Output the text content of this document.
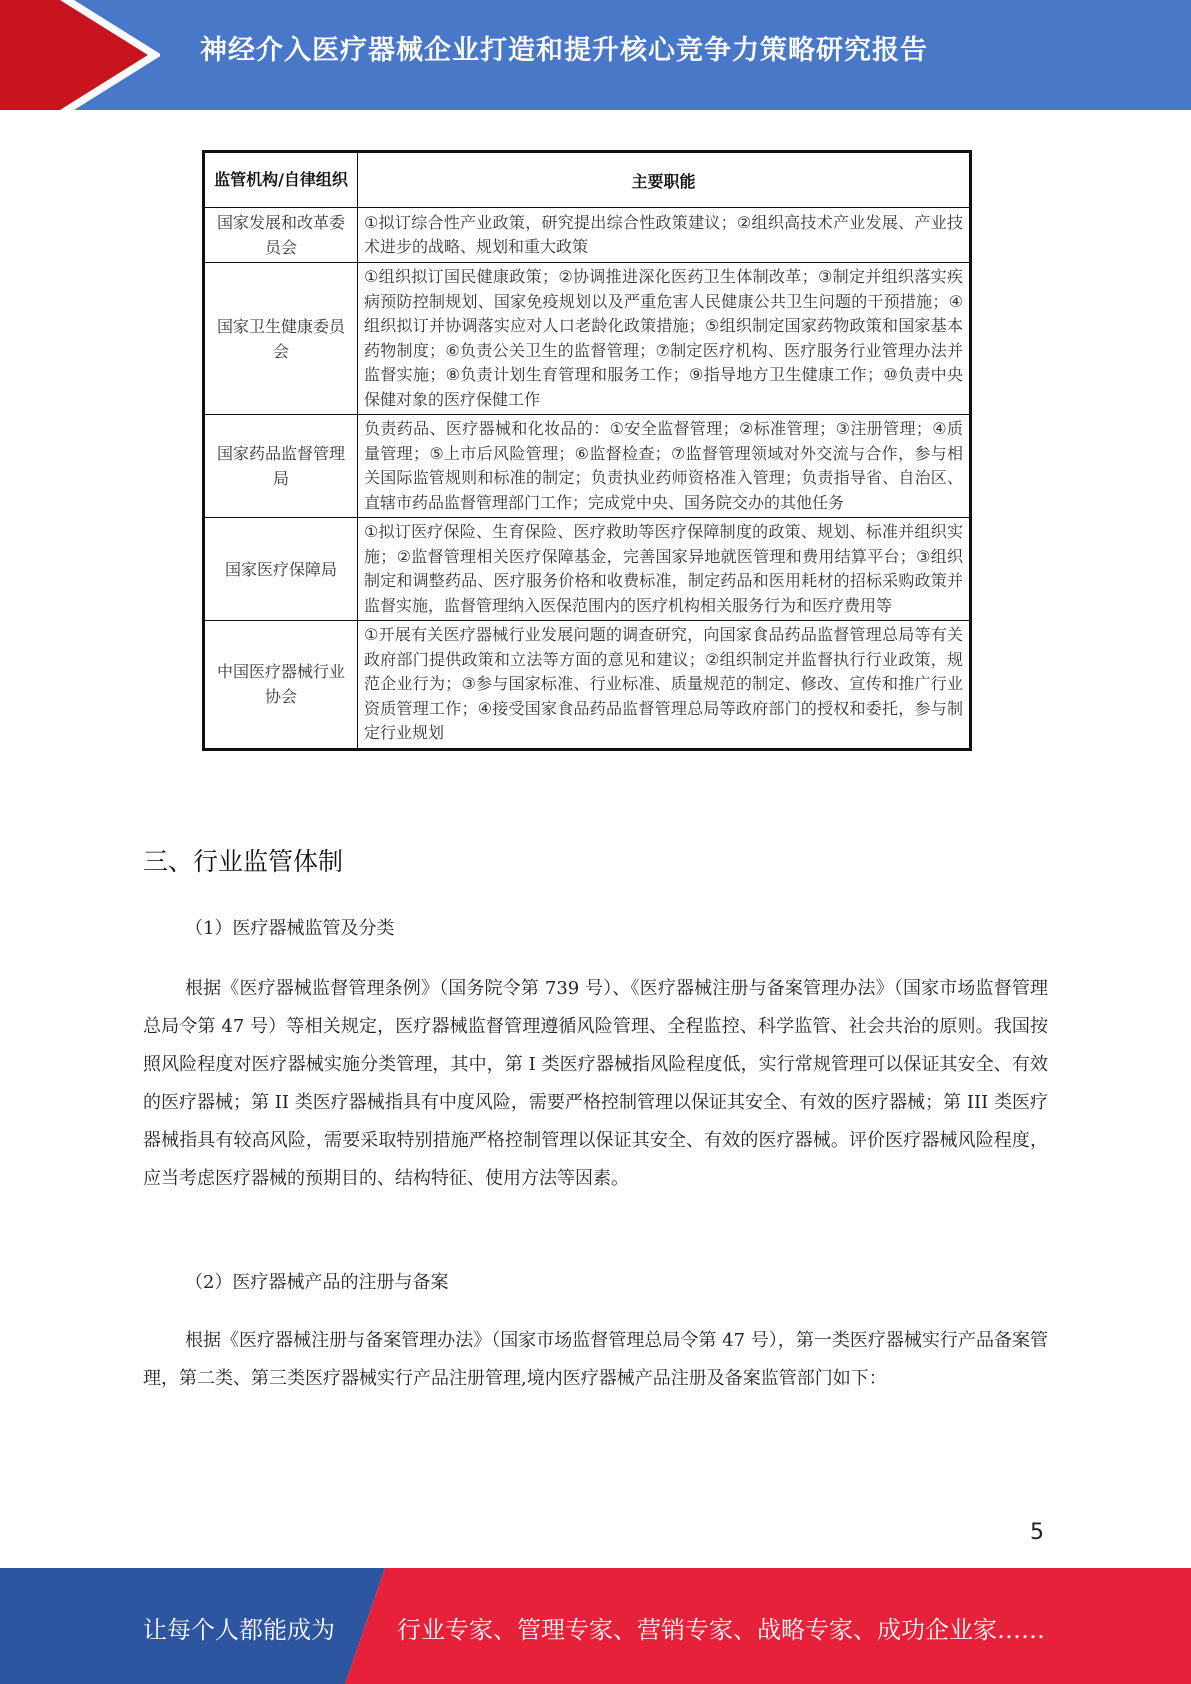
神经介入医疗器械企业打造和提升核心竞争力策略研究报告
监管机构/自律组织	主要职能
国家发展和改革委员会	①拟订综合性产业政策，研究提出综合性政策建议；②组织高技术产业发展、产业技术进步的战略、规划和重大政策
国家卫生健康委员会	①组织拟订国民健康政策；②协调推进深化医药卫生体制改革；③制定并组织落实疾病预防控制规划、国家免疫规划以及严重危害人民健康公共卫生问题的干预措施；④组织拟订并协调落实应对人口老龄化政策措施；⑤组织制定国家药物政策和国家基本药物制度；⑥负责公关卫生的监督管理；⑦制定医疗机构、医疗服务行业管理办法并监督实施；⑧负责计划生育管理和服务工作；⑨指导地方卫生健康工作；⑩负责中央保健对象的医疗保健工作
国家药品监督管理局	负责药品、医疗器械和化妆品的：①安全监督管理；②标准管理；③注册管理；④质量管理；⑤上市后风险管理；⑥监督检查；⑦监督管理领域对外交流与合作，参与相关国际监管规则和标准的制定；负责执业药师资格准入管理；负责指导省、自治区、直辖市药品监督管理部门工作；完成党中央、国务院交办的其他任务
国家医疗保障局	①拟订医疗保险、生育保险、医疗救助等医疗保障制度的政策、规划、标准并组织实施；②监督管理相关医疗保障基金，完善国家异地就医管理和费用结算平台；③组织制定和调整药品、医疗服务价格和收费标准，制定药品和医用耗材的招标采购政策并监督实施，监督管理纳入医保范围内的医疗机构相关服务行为和医疗费用等
中国医疗器械行业协会	①开展有关医疗器械行业发展问题的调查研究，向国家食品药品监督管理总局等有关政府部门提供政策和立法等方面的意见和建议；②组织制定并监督执行行业政策，规范企业行为；③参与国家标准、行业标准、质量规范的制定、修改、宣传和推广行业资质管理工作；④接受国家食品药品监督管理总局等政府部门的授权和委托，参与制定行业规划
三、行业监管体制
（1）医疗器械监管及分类

根据《医疗器械监督管理条例》（国务院令第 739 号）、《医疗器械注册与备案管理办法》（国家市场监督管理总局令第 47 号）等相关规定，医疗器械监督管理遵循风险管理、全程监控、科学监管、社会共治的原则。我国按照风险程度对医疗器械实施分类管理，其中，第 I 类医疗器械指风险程度低，实行常规管理可以保证其安全、有效的医疗器械；第 II 类医疗器械指具有中度风险，需要严格控制管理以保证其安全、有效的医疗器械；第 III 类医疗器械指具有较高风险，需要采取特别措施严格控制管理以保证其安全、有效的医疗器械。评价医疗器械风险程度，应当考虑医疗器械的预期目的、结构特征、使用方法等因素。

（2）医疗器械产品的注册与备案

根据《医疗器械注册与备案管理办法》（国家市场监督管理总局令第 47 号），第一类医疗器械实行产品备案管理，第二类、第三类医疗器械实行产品注册管理,境内医疗器械产品注册及备案监管部门如下：

5
让每个人都能成为	行业专家、管理专家、营销专家、战略专家、成功企业家……
